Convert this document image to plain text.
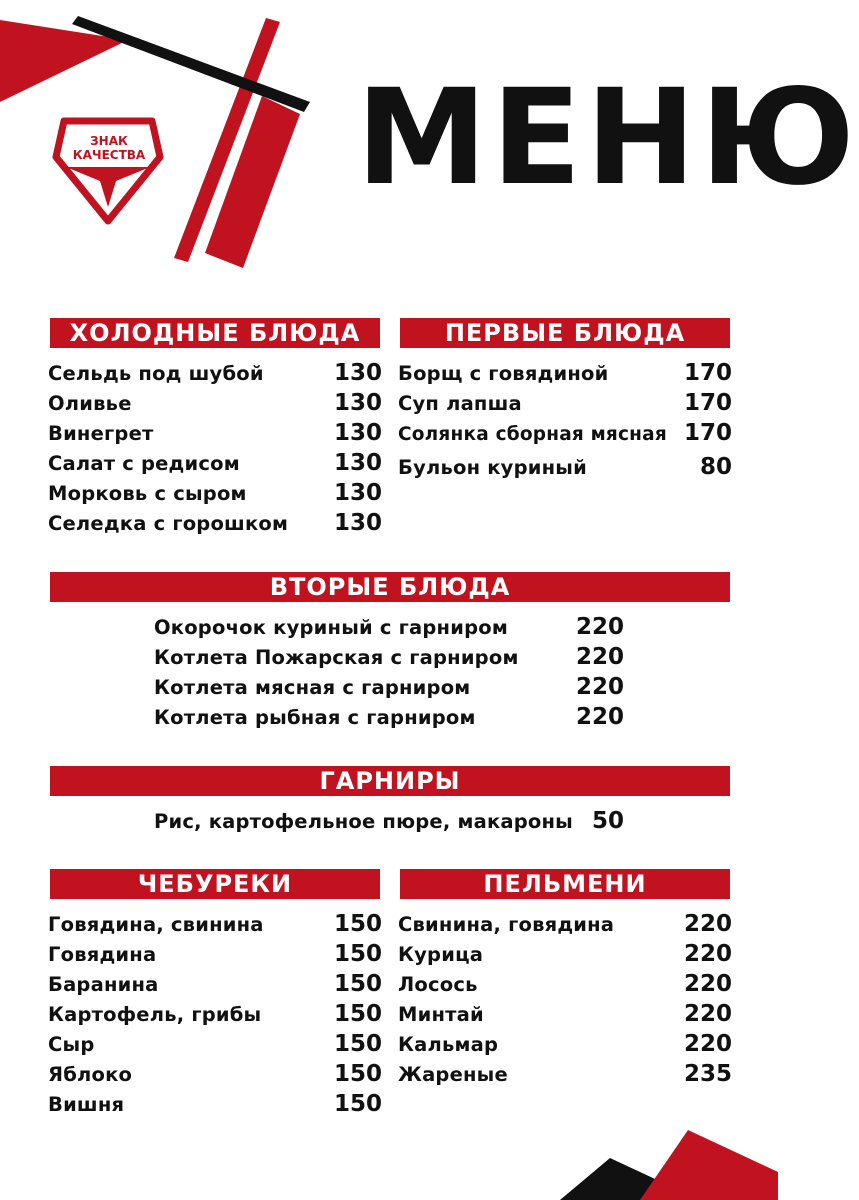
ЗНАК
КАЧЕСТВА МЕНЮ
ХОЛОДНЫЕ БЛЮДА
Сельдь под шубой	130
Оливье	130
Винегрет	130
Салат с редисом	130
Морковь с сыром	130
Селедка с горошком 130
ПЕРВЫЕ БЛЮДА
Борщ с говядиной	170
Суп лапша	170
Солянка сборная мясная 170
Бульон куриный	80
ВТОРЫЕ БЛЮДА
Окорочок куриный с гарниром	220
Котлета Пожарская с гарниром 220
Котлета мясная с гарниром	220
Котлета рыбная с гарниром	220
ГАРНИРЫ
Рис, картофельное пюре, макароны 50
ЧЕБУРЕКИ
Говядина, свинина	150
Говядина	150
Баранина	150
Картофель, грибы	150
Сыр	150
Яблоко	150
Вишня	150
ПЕЛЬМЕНИ
Свинина, говядина	220
Курица	220
Лосось	220
Минтай	220
Кальмар	220
Жареные	235
